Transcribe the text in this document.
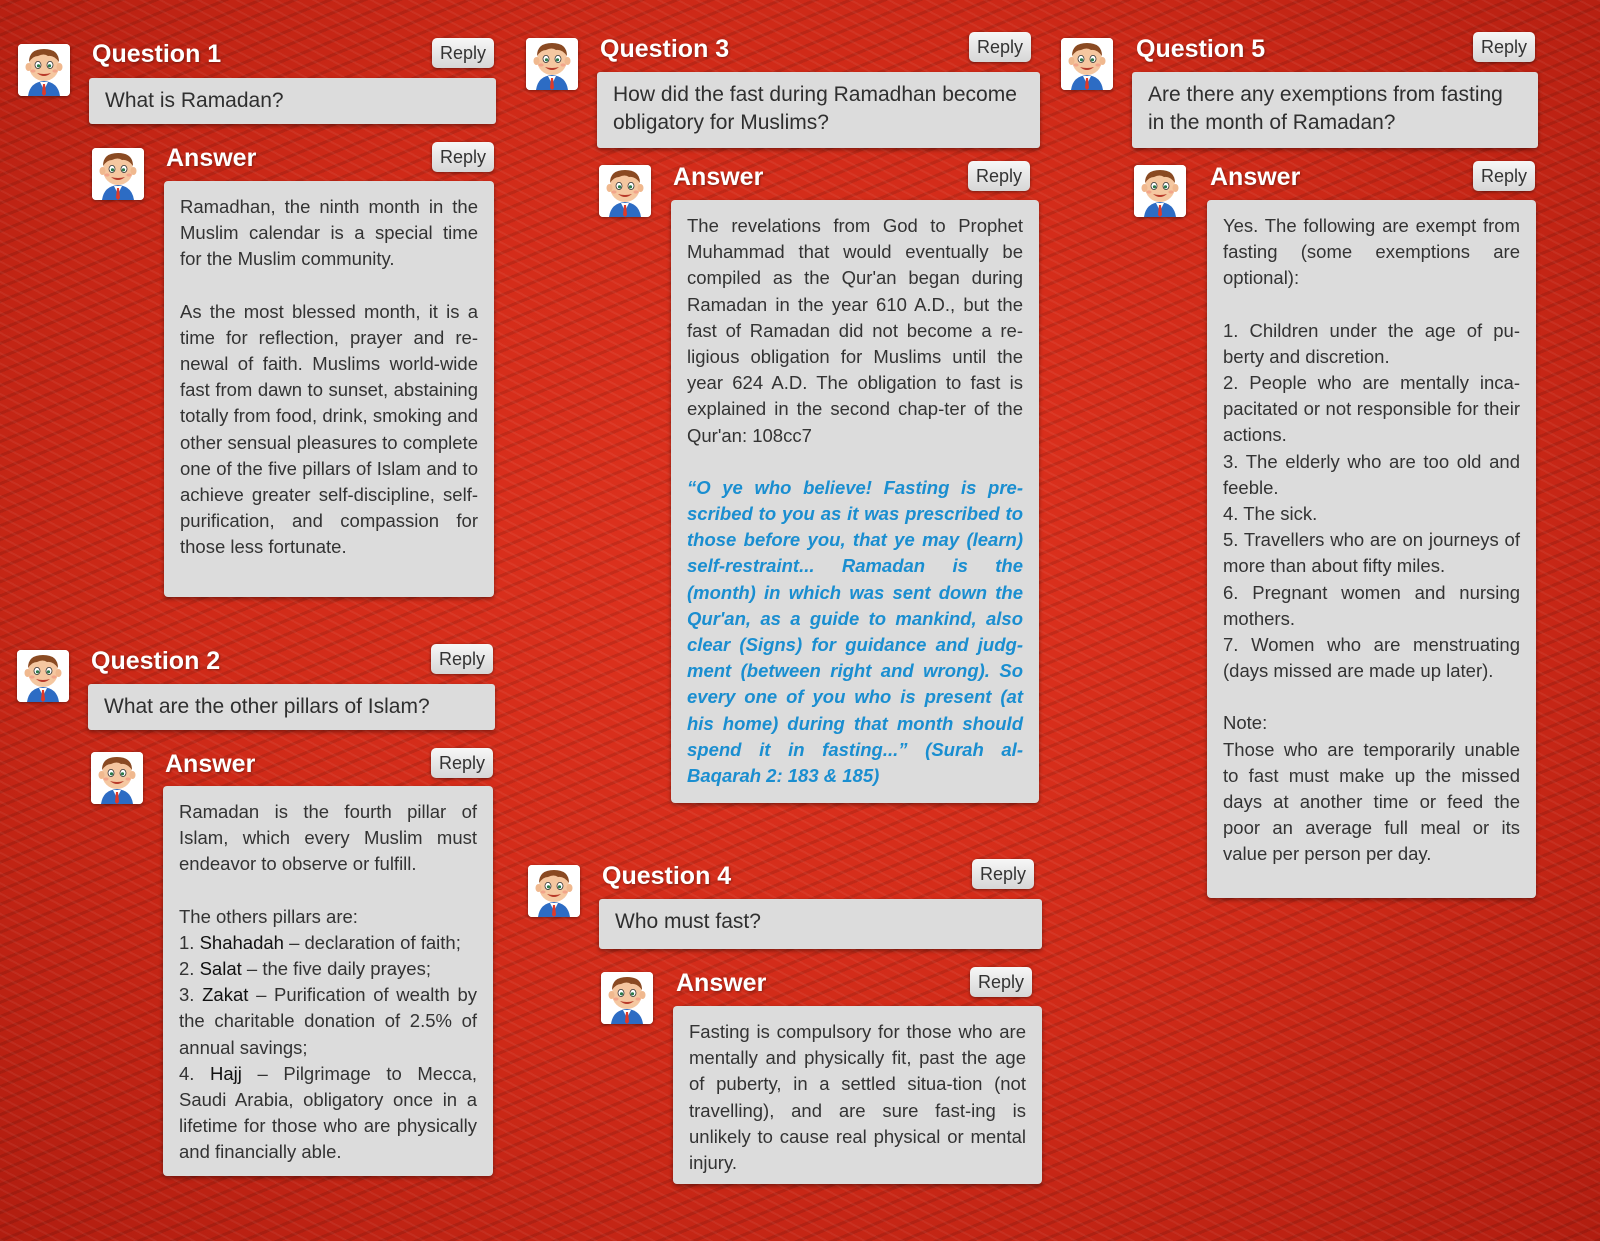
Question 1	Reply
What is Ramadan?
Answer	Reply

Ramadhan, the ninth month in the Muslim calendar is a special time for the Muslim community.

As the most blessed month, it is a time for reflection, prayer and re-newal of faith. Muslims world-wide fast from dawn to sunset, abstaining totally from food, drink, smoking and other sensual pleasures to complete one of the five pillars of Islam and to achieve greater self-discipline, self-purification, and compassion for those less fortunate.

Question 2	Reply
What are the other pillars of Islam?
Answer	Reply

Ramadan is the fourth pillar of Islam, which every Muslim must endeavor to observe or fulfill.

The others pillars are:

1. Shahadah – declaration of faith;

2. Salat – the five daily prayes;

3. Zakat – Purification of wealth by the charitable donation of 2.5% of annual savings;

4. Hajj – Pilgrimage to Mecca, Saudi Arabia, obligatory once in a lifetime for those who are physically and financially able.

Question 3	Reply
How did the fast during Ramadhan become obligatory for Muslims?
Answer	Reply

The revelations from God to Prophet Muhammad that would eventually be compiled as the Qur'an began during Ramadan in the year 610 A.D., but the fast of Ramadan did not become a re-ligious obligation for Muslims until the year 624 A.D. The obligation to fast is explained in the second chap-ter of the Qur'an: 108cc7

“O ye who believe! Fasting is pre-scribed to you as it was prescribed to those before you, that ye may (learn) self-restraint... Ramadan is the (month) in which was sent down the Qur'an, as a guide to mankind, also clear (Signs) for guidance and judg-ment (between right and wrong). So every one of you who is present (at his home) during that month should spend it in fasting...” (Surah al-Baqarah 2: 183 & 185)

Question 4	Reply
Who must fast?
Answer	Reply

Fasting is compulsory for those who are mentally and physically fit, past the age of puberty, in a settled situa-tion (not travelling), and are sure fast-ing is unlikely to cause real physical or mental injury.

Question 5	Reply
Are there any exemptions from fasting in the month of Ramadan?
Answer	Reply

Yes. The following are exempt from fasting (some exemptions are optional):

1. Children under the age of pu-berty and discretion.

2. People who are mentally inca-pacitated or not responsible for their actions.

3. The elderly who are too old and feeble.

4. The sick.

5. Travellers who are on journeys of more than about fifty miles.

6. Pregnant women and nursing mothers.

7. Women who are menstruating (days missed are made up later).

Note:

Those who are temporarily unable to fast must make up the missed days at another time or feed the poor an average full meal or its value per person per day.
